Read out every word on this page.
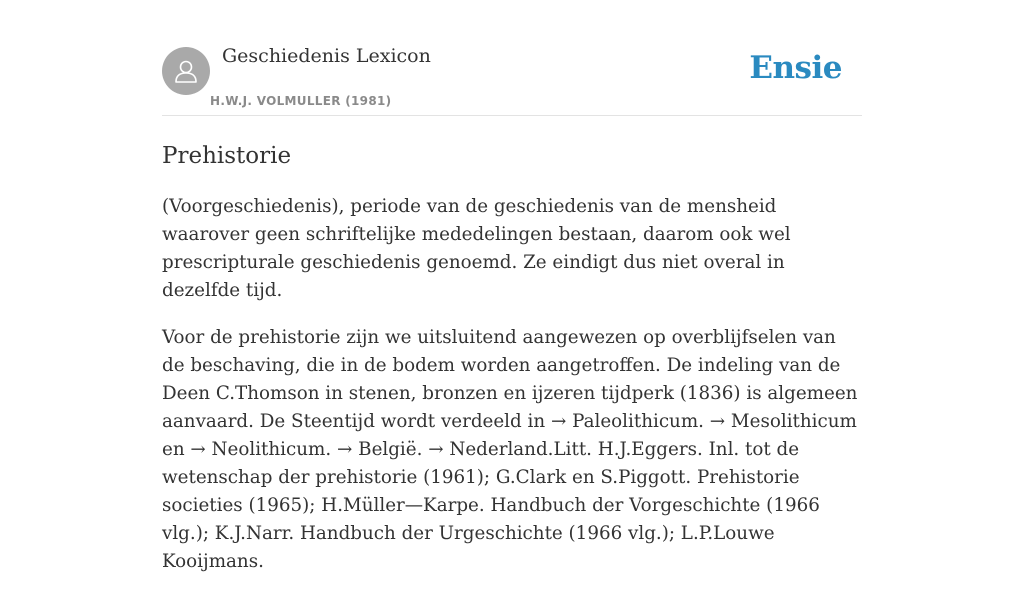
Geschiedenis Lexicon
H.W.J. VOLMULLER (1981)
Ensie
Prehistorie

(Voorgeschiedenis), periode van de geschiedenis van de mensheid waarover geen schriftelijke mededelingen bestaan, daarom ook wel prescripturale geschiedenis genoemd. Ze eindigt dus niet overal in dezelfde tijd.

Voor de prehistorie zijn we uitsluitend aangewezen op overblijfselen van de beschaving, die in de bodem worden aangetroffen. De indeling van de Deen C.Thomson in stenen, bronzen en ijzeren tijdperk (1836) is algemeen aanvaard. De Steentijd wordt verdeeld in → Paleolithicum. → Mesolithicum en → Neolithicum. → België. → Nederland.Litt. H.J.Eggers. Inl. tot de wetenschap der prehistorie (1961); G.Clark en S.Piggott. Prehistorie societies (1965); H.Müller—Karpe. Handbuch der Vorgeschichte (1966 vlg.); K.J.Narr. Handbuch der Urgeschichte (1966 vlg.); L.P.Louwe Kooijmans.
